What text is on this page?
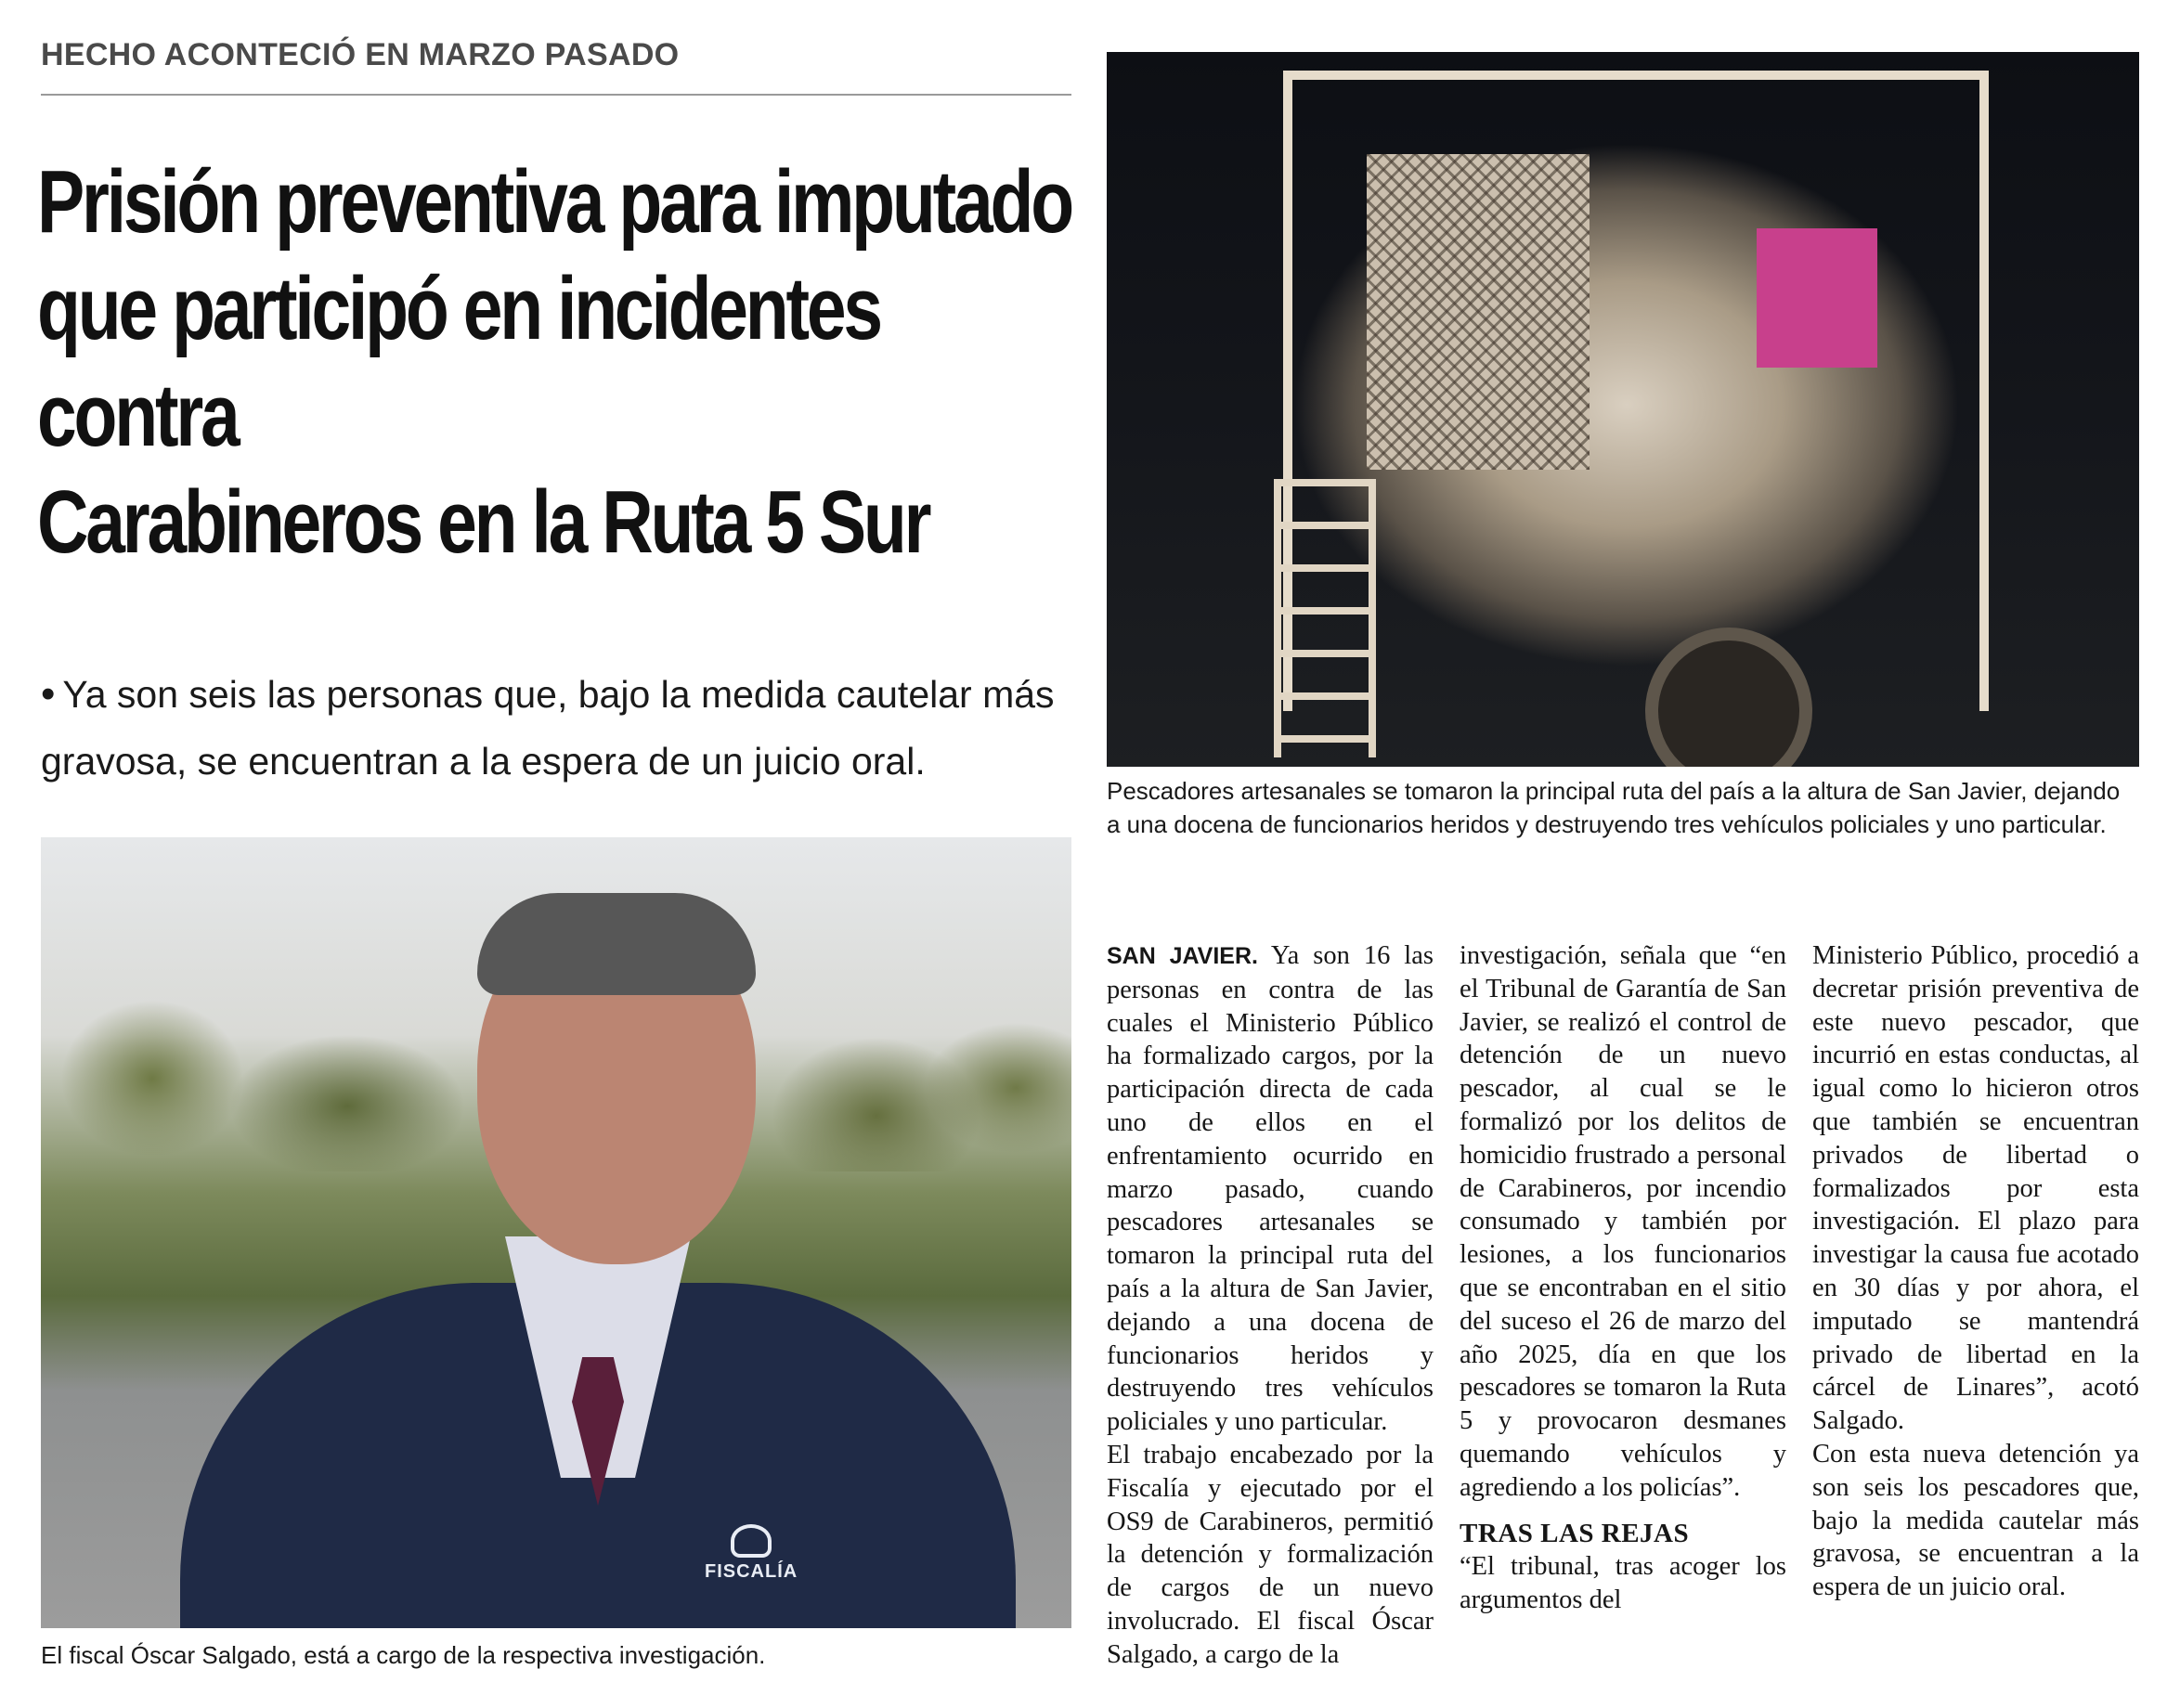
HECHO ACONTECIÓ EN MARZO PASADO
Prisión preventiva para imputado
que participó en incidentes contra
Carabineros en la Ruta 5 Sur

• Ya son seis las personas que, bajo la medida cautelar más gravosa, se encuentran a la espera de un juicio oral.

FISCALÍA
El fiscal Óscar Salgado, está a cargo de la respectiva investigación.

Pescadores artesanales se tomaron la principal ruta del país a la altura de San Javier, dejando a una docena de funcionarios heridos y destruyendo tres vehículos policiales y uno particular.

SAN JAVIER. Ya son 16 las personas en contra de las cuales el Ministerio Público ha formalizado cargos, por la participación directa de cada uno de ellos en el enfrentamiento ocurrido en marzo pasado, cuando pescadores artesanales se tomaron la principal ruta del país a la altura de San Javier, dejando a una docena de funcionarios heridos y destruyendo tres vehículos policiales y uno particular.

El trabajo encabezado por la Fiscalía y ejecutado por el OS9 de Carabineros, permitió la detención y formalización de cargos de un nuevo involucrado. El fiscal Óscar Salgado, a cargo de la

investigación, señala que “en el Tribunal de Garantía de San Javier, se realizó el control de detención de un nuevo pescador, al cual se le formalizó por los delitos de homicidio frustrado a personal de Carabineros, por incendio consumado y también por lesiones, a los funcionarios que se encontraban en el sitio del suceso el 26 de marzo del año 2025, día en que los pescadores se tomaron la Ruta 5 y provocaron desmanes quemando vehículos y agrediendo a los policías”.

TRAS LAS REJAS

“El tribunal, tras acoger los argumentos del

Ministerio Público, procedió a decretar prisión preventiva de este nuevo pescador, que incurrió en estas conductas, al igual como lo hicieron otros que también se encuentran privados de libertad o formalizados por esta investigación. El plazo para investigar la causa fue acotado en 30 días y por ahora, el imputado se mantendrá privado de libertad en la cárcel de Linares”, acotó Salgado.

Con esta nueva detención ya son seis los pescadores que, bajo la medida cautelar más gravosa, se encuentran a la espera de un juicio oral.
